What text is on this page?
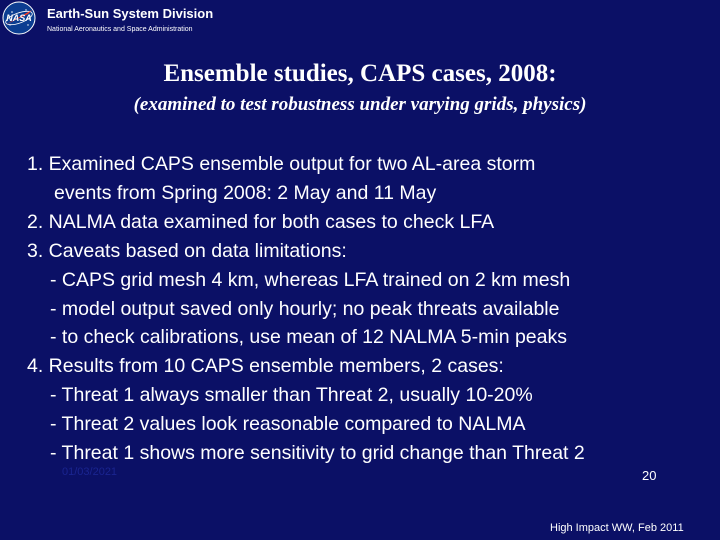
NASA Earth-Sun System Division
National Aeronautics and Space Administration
Ensemble studies, CAPS cases, 2008:
(examined to test robustness under varying grids, physics)
1. Examined CAPS ensemble output for two AL-area storm
events from Spring 2008: 2 May and 11 May
2. NALMA data examined for both cases to check LFA
3. Caveats based on data limitations:
- CAPS grid mesh 4 km, whereas LFA trained on 2 km mesh
- model output saved only hourly; no peak threats available
- to check calibrations, use mean of 12 NALMA 5-min peaks
4. Results from 10 CAPS ensemble members, 2 cases:
- Threat 1 always smaller than Threat 2, usually 10-20%
- Threat 2 values look reasonable compared to NALMA
- Threat 1 shows more sensitivity to grid change than Threat 2
01/03/2021	20
High Impact WW, Feb 2011
